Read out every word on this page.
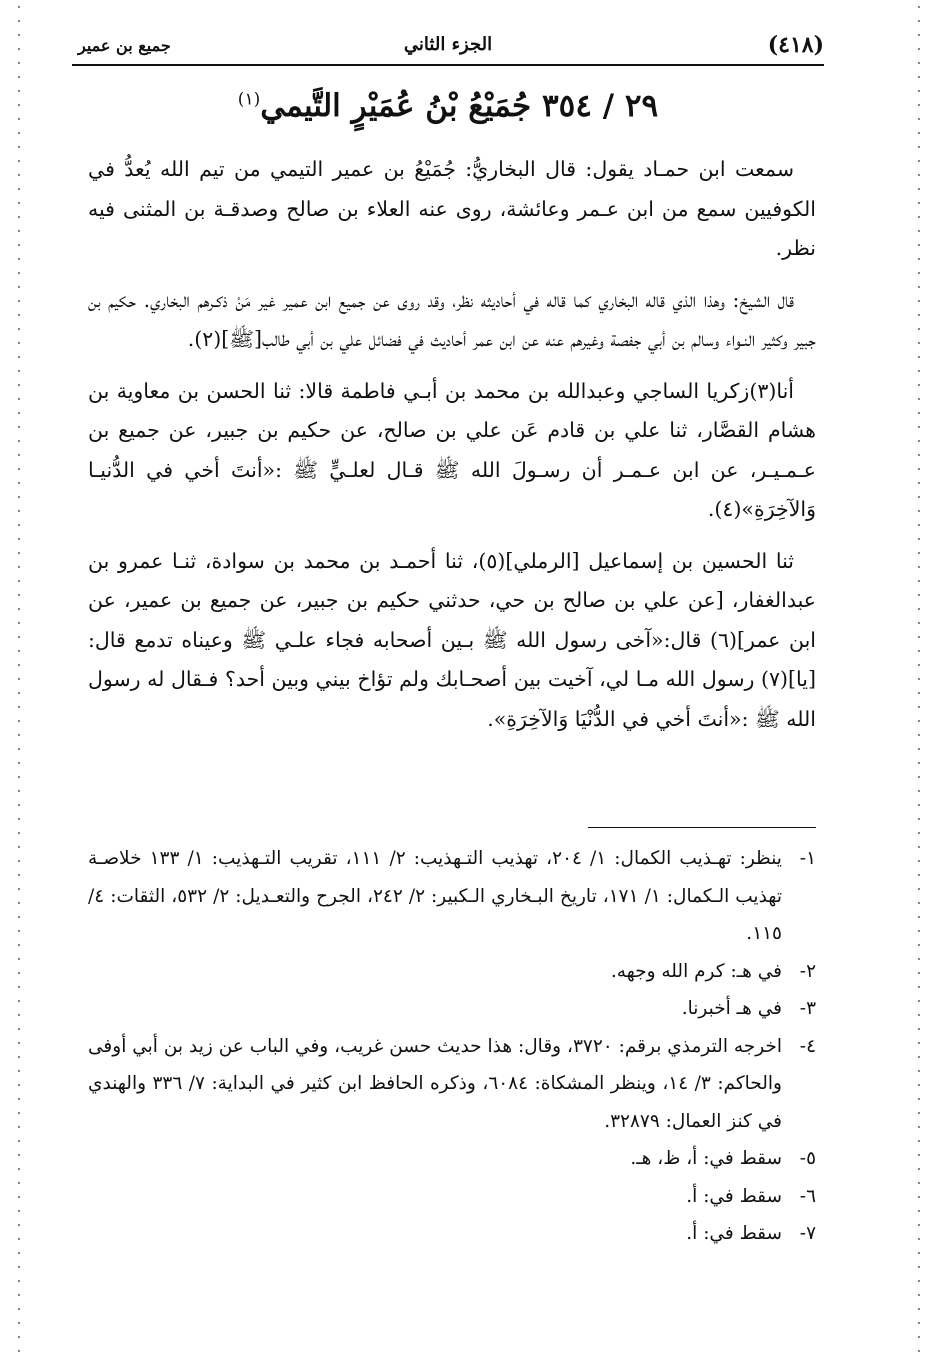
(٤١٨)
الجزء الثاني
جميع بن عمير
٢٩ / ٣٥٤ جُمَيْعُ بْنُ عُمَيْرٍ التَّيمي$^{(١)}$

سمعت ابن حمـاد يقول: قال البخاريُّ: جُمَيْعُ بن عمير التيمي من تيم الله يُعدُّ في الكوفيين سمع من ابن عـمر وعائشة، روى عنه العلاء بن صالح وصدقـة بن المثنى فيه نظر.

قال الشيخ: وهذا الذي قاله البخاري كما قاله في أحاديثه نظر، وقد روى عن جميع ابن عمير غير مَنْ ذكـرهم البخاري. حكيم بن جبير وكثير النـواء وسالم بن أبي جفصة وغيرهم عنه عن ابن عمر أحاديث في فضائل علي بن أبي طالب[ﷺ](٢).

أنا(٣)زكريا الساجي وعبدالله بن محمد بن أبـي فاطمة قالا: ثنا الحسن بن معاوية بن هشام القصَّار، ثنا علي بن قادم عَن علي بن صالح، عن حكيم بن جبير، عن جميع بن عـمـيـر، عن ابن عـمـر أن رسـولَ الله ﷺ قـال لعلـيٍّ ﷺ :«أنتَ أخي في الدُّنيـا وَالآخِرَةِ»(٤).

ثنا الحسين بن إسماعيل [الرملي](٥)، ثنا أحمـد بن محمد بن سوادة، ثنـا عمرو بن عبدالغفار، [عن علي بن صالح بن حي، حدثني حكيم بن جبير، عن جميع بن عمير، عن ابن عمر](٦) قال:«آخى رسول الله ﷺ بـين أصحابه فجاء علـي ﷺ وعيناه تدمع قال: [يا](٧) رسول الله مـا لي، آخيت بين أصحـابك ولم تؤاخ بيني وبين أحد؟ فـقال له رسول الله ﷺ :«أنتَ أخي في الدُّنْيَا وَالآخِرَةِ».

١-
ينظر: تهـذيب الكمال: ١/ ٢٠٤، تهذيب التـهذيب: ٢/ ١١١، تقريب التـهذيب: ١/ ١٣٣ خلاصـة تهذيب الـكمال: ١/ ١٧١، تاريخ البـخاري الـكبير: ٢/ ٢٤٢، الجرح والتعـديل: ٢/ ٥٣٢، الثقات: ٤/ ١١٥.
٢-
في هـ: كرم الله وجهه.
٣-
في هـ أخبرنا.
٤-
اخرجه الترمذي برقم: ٣٧٢٠، وقال: هذا حديث حسن غريب، وفي الباب عن زيد بن أبي أوفى والحاكم: ٣/ ١٤، وينظر المشكاة: ٦٠٨٤، وذكره الحافظ ابن كثير في البداية: ٧/ ٣٣٦ والهندي في كنز العمال: ٣٢٨٧٩.
٥-
سقط في: أ، ظ، هـ.
٦-
سقط في: أ.
٧-
سقط في: أ.
